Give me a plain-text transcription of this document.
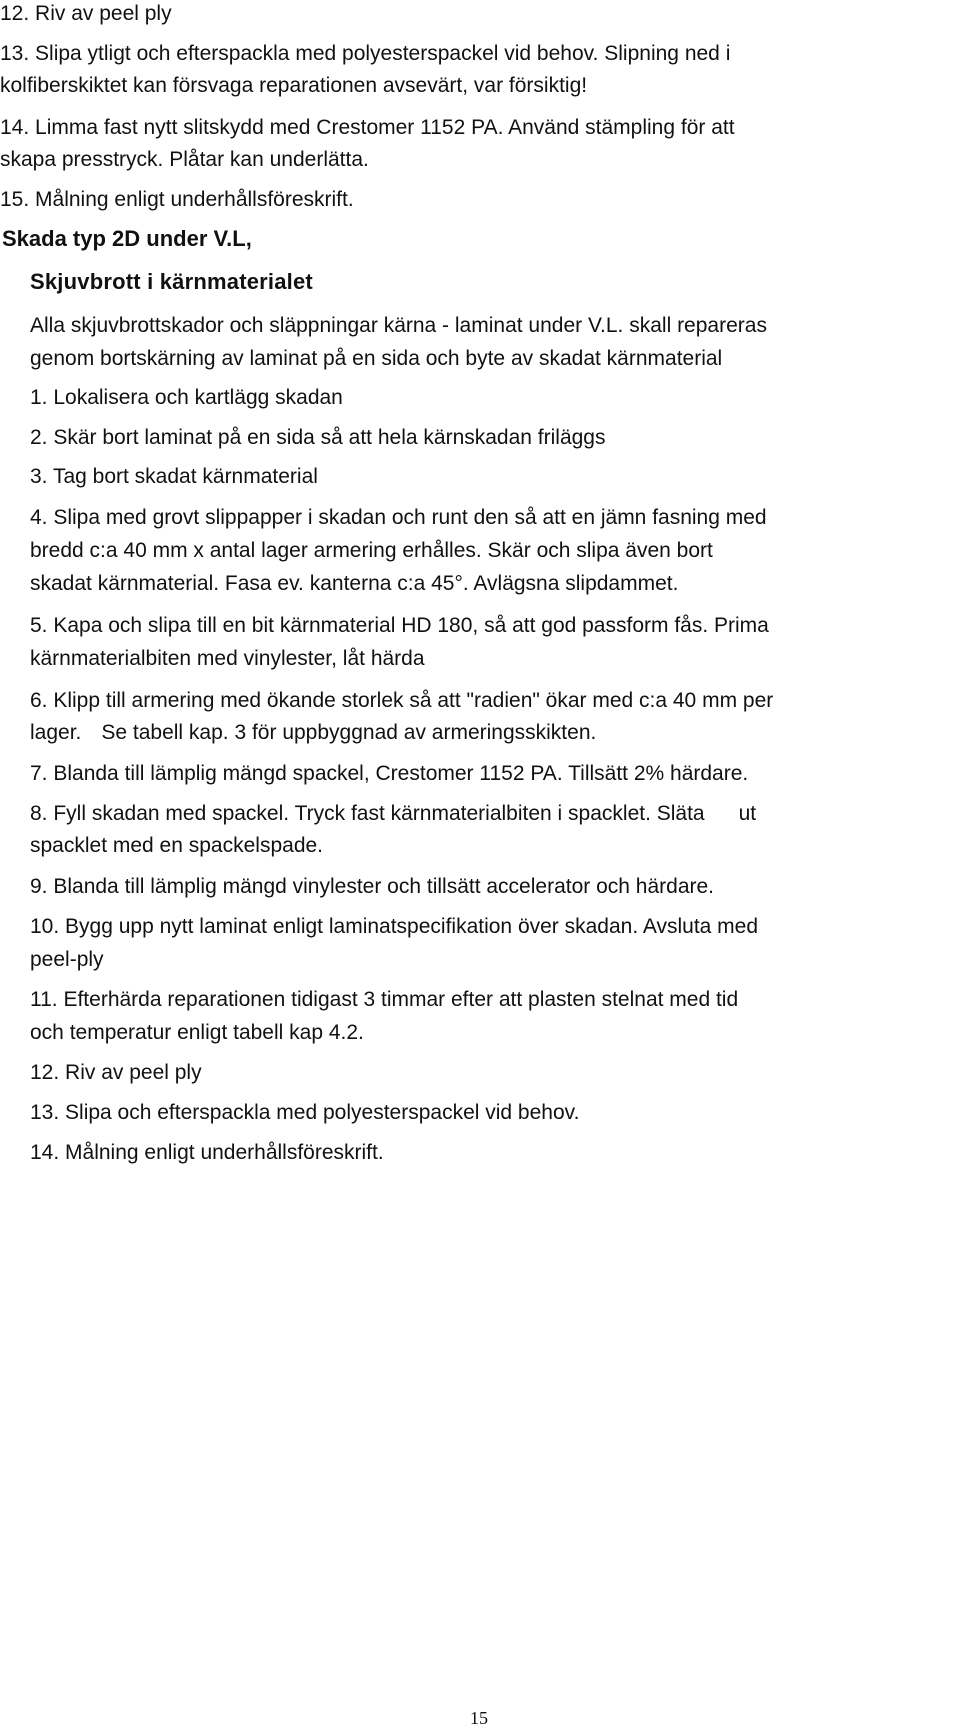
12. Riv av peel ply
13. Slipa ytligt och efterspackla med polyesterspackel vid behov. Slipning ned i
kolfiberskiktet kan försvaga reparationen avsevärt, var försiktig!
14. Limma fast nytt slitskydd med Crestomer 1152 PA. Använd stämpling för att
skapa presstryck. Plåtar kan underlätta.
15. Målning enligt underhållsföreskrift.
Skada typ 2D under V.L,
Skjuvbrott i kärnmaterialet
Alla skjuvbrottskador och släppningar kärna - laminat under V.L. skall repareras
genom bortskärning av laminat på en sida och byte av skadat kärnmaterial
1. Lokalisera och kartlägg skadan
2. Skär bort laminat på en sida så att hela kärnskadan friläggs
3. Tag bort skadat kärnmaterial
4. Slipa med grovt slippapper i skadan och runt den så att en jämn fasning med
bredd c:a 40 mm x antal lager armering erhålles. Skär och slipa även bort
skadat kärnmaterial. Fasa ev. kanterna c:a 45°. Avlägsna slipdammet.
5. Kapa och slipa till en bit kärnmaterial HD 180, så att god passform fås. Prima
kärnmaterialbiten med vinylester, låt härda
6. Klipp till armering med ökande storlek så att "radien" ökar med c:a 40 mm per
lager. Se tabell kap. 3 för uppbyggnad av armeringsskikten.
7. Blanda till lämplig mängd spackel, Crestomer 1152 PA. Tillsätt 2% härdare.
8. Fyll skadan med spackel. Tryck fast kärnmaterialbiten i spacklet. Släta ut
spacklet med en spackelspade.
9. Blanda till lämplig mängd vinylester och tillsätt accelerator och härdare.
10. Bygg upp nytt laminat enligt laminatspecifikation över skadan. Avsluta med
peel-ply
11. Efterhärda reparationen tidigast 3 timmar efter att plasten stelnat med tid
och temperatur enligt tabell kap 4.2.
12. Riv av peel ply
13. Slipa och efterspackla med polyesterspackel vid behov.
14. Målning enligt underhållsföreskrift.
15
